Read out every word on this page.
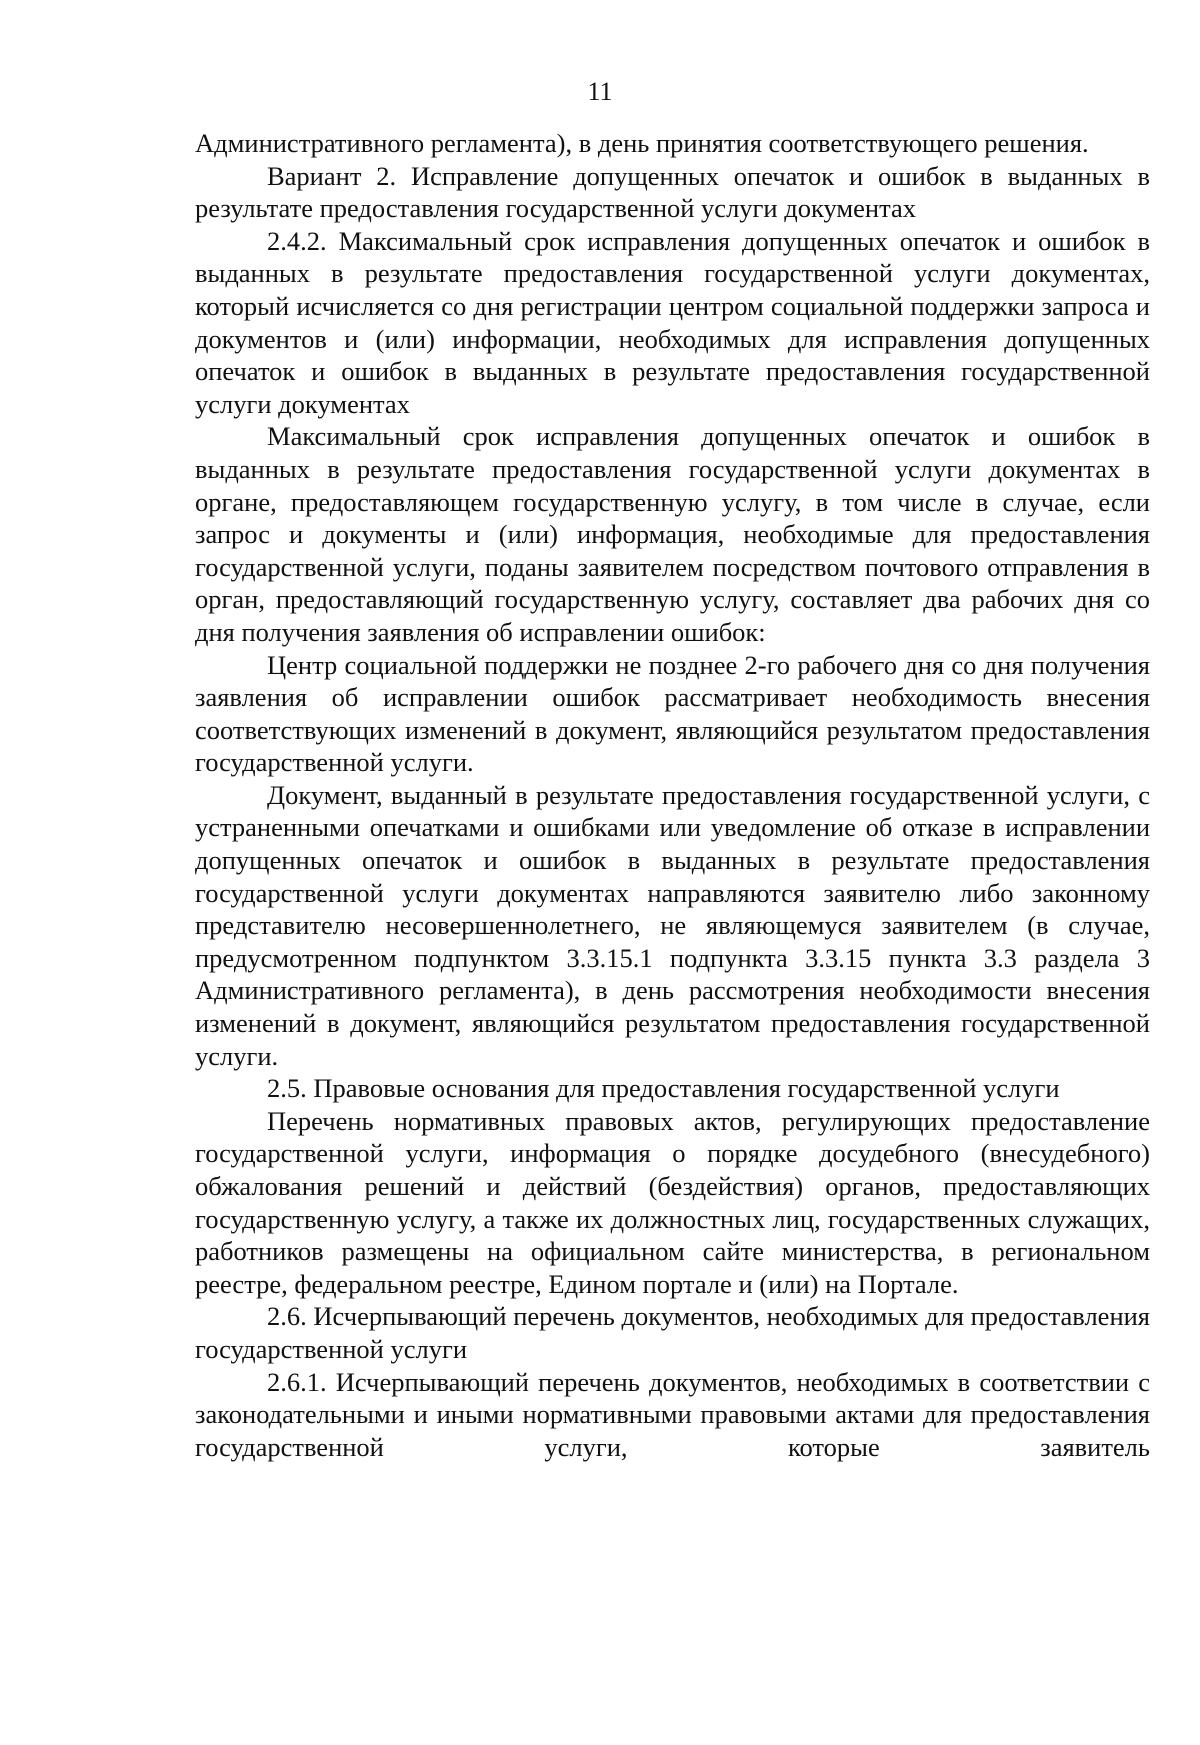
11

Административного регламента), в день принятия соответствующего решения.

Вариант 2. Исправление допущенных опечаток и ошибок в выданных в результате предоставления государственной услуги документах

2.4.2. Максимальный срок исправления допущенных опечаток и ошибок в выданных в результате предоставления государственной услуги документах, который исчисляется со дня регистрации центром социальной поддержки запроса и документов и (или) информации, необходимых для исправления допущенных опечаток и ошибок в выданных в результате предоставления государственной услуги документах

Максимальный срок исправления допущенных опечаток и ошибок в выданных в результате предоставления государственной услуги документах в органе, предоставляющем государственную услугу, в том числе в случае, если запрос и документы и (или) информация, необходимые для предоставления государственной услуги, поданы заявителем посредством почтового отправления в орган, предоставляющий государственную услугу, составляет два рабочих дня со дня получения заявления об исправлении ошибок:

Центр социальной поддержки не позднее 2-го рабочего дня со дня получения заявления об исправлении ошибок рассматривает необходимость внесения соответствующих изменений в документ, являющийся результатом предоставления государственной услуги.

Документ, выданный в результате предоставления государственной услуги, с устраненными опечатками и ошибками или уведомление об отказе в исправлении допущенных опечаток и ошибок в выданных в результате предоставления государственной услуги документах направляются заявителю либо законному представителю несовершеннолетнего, не являющемуся заявителем (в случае, предусмотренном подпунктом 3.3.15.1 подпункта 3.3.15 пункта 3.3 раздела 3 Административного регламента), в день рассмотрения необходимости внесения изменений в документ, являющийся результатом предоставления государственной услуги.

2.5. Правовые основания для предоставления государственной услуги

Перечень нормативных правовых актов, регулирующих предоставление государственной услуги, информация о порядке досудебного (внесудебного) обжалования решений и действий (бездействия) органов, предоставляющих государственную услугу, а также их должностных лиц, государственных служащих, работников размещены на официальном сайте министерства, в региональном реестре, федеральном реестре, Едином портале и (или) на Портале.

2.6. Исчерпывающий перечень документов, необходимых для предоставления государственной услуги

2.6.1. Исчерпывающий перечень документов, необходимых в соответствии с законодательными и иными нормативными правовыми актами для предоставления государственной услуги, которые заявитель
